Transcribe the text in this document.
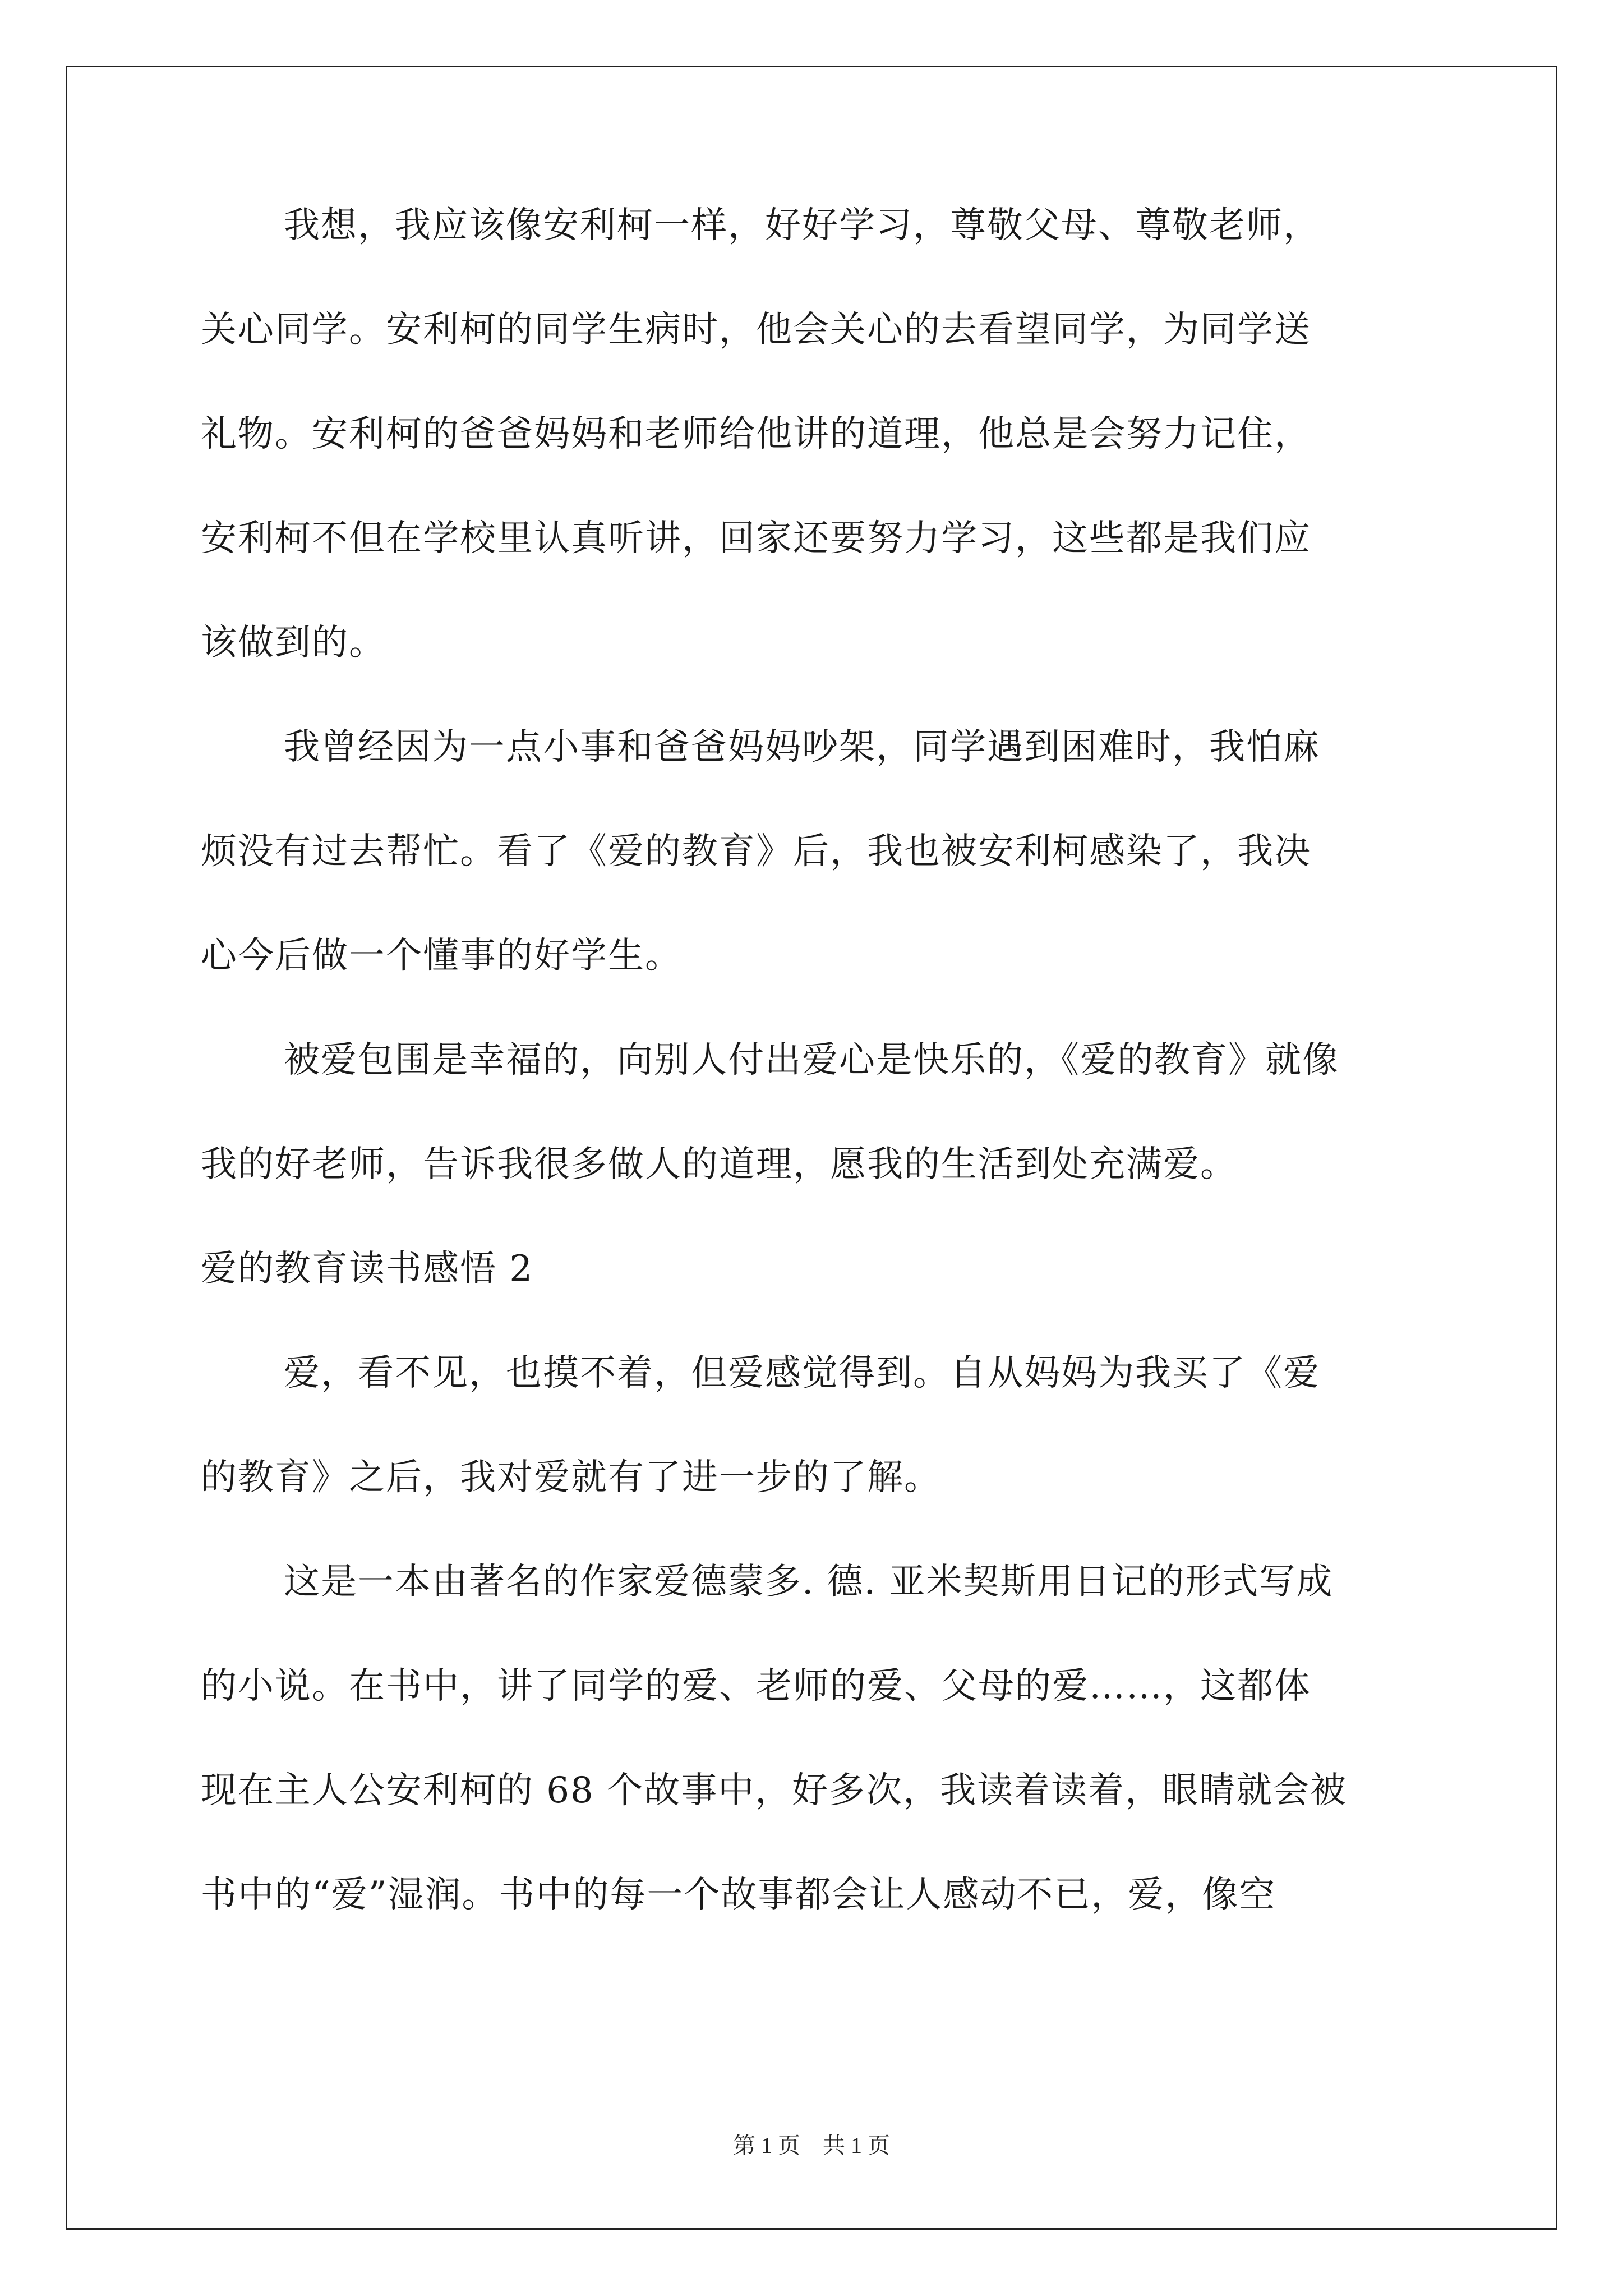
我想，我应该像安利柯一样，好好学习，尊敬父母、尊敬老师，
关心同学。安利柯的同学生病时，他会关心的去看望同学，为同学送
礼物。安利柯的爸爸妈妈和老师给他讲的道理，他总是会努力记住，
安利柯不但在学校里认真听讲，回家还要努力学习，这些都是我们应
该做到的。
我曾经因为一点小事和爸爸妈妈吵架，同学遇到困难时，我怕麻
烦没有过去帮忙。看了《爱的教育》后，我也被安利柯感染了，我决
心今后做一个懂事的好学生。
被爱包围是幸福的，向别人付出爱心是快乐的，《爱的教育》就像
我的好老师，告诉我很多做人的道理，愿我的生活到处充满爱。
爱的教育读书感悟 2
爱，看不见，也摸不着，但爱感觉得到。自从妈妈为我买了《爱
的教育》之后，我对爱就有了进一步的了解。
这是一本由著名的作家爱德蒙多. 德. 亚米契斯用日记的形式写成
的小说。在书中，讲了同学的爱、老师的爱、父母的爱……，这都体
现在主人公安利柯的 68 个故事中，好多次，我读着读着，眼睛就会被
书中的“爱”湿润。书中的每一个故事都会让人感动不已，爱，像空
第 1 页　共 1 页
